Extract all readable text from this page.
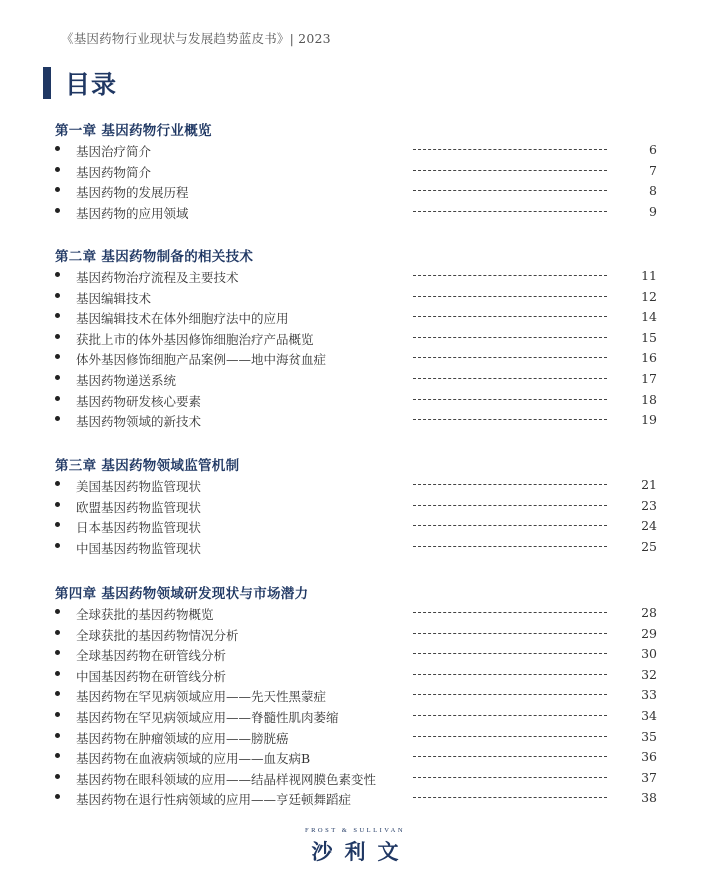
《基因药物行业现状与发展趋势蓝皮书》| 2023
目录
第一章 基因药物行业概览
基因治疗简介	6
基因药物简介	7
基因药物的发展历程	8
基因药物的应用领域	9
第二章 基因药物制备的相关技术
基因药物治疗流程及主要技术	11
基因编辑技术	12
基因编辑技术在体外细胞疗法中的应用	14
获批上市的体外基因修饰细胞治疗产品概览	15
体外基因修饰细胞产品案例——地中海贫血症	16
基因药物递送系统	17
基因药物研发核心要素	18
基因药物领域的新技术	19
第三章 基因药物领域监管机制
美国基因药物监管现状	21
欧盟基因药物监管现状	23
日本基因药物监管现状	24
中国基因药物监管现状	25
第四章 基因药物领域研发现状与市场潜力
全球获批的基因药物概览	28
全球获批的基因药物情况分析	29
全球基因药物在研管线分析	30
中国基因药物在研管线分析	32
基因药物在罕见病领域应用——先天性黑蒙症	33
基因药物在罕见病领域应用——脊髓性肌肉萎缩	34
基因药物在肿瘤领域的应用——膀胱癌	35
基因药物在血液病领域的应用——血友病B	36
基因药物在眼科领域的应用——结晶样视网膜色素变性	37
基因药物在退行性病领域的应用——亨廷顿舞蹈症	38
FROST & SULLIVAN
沙利文
